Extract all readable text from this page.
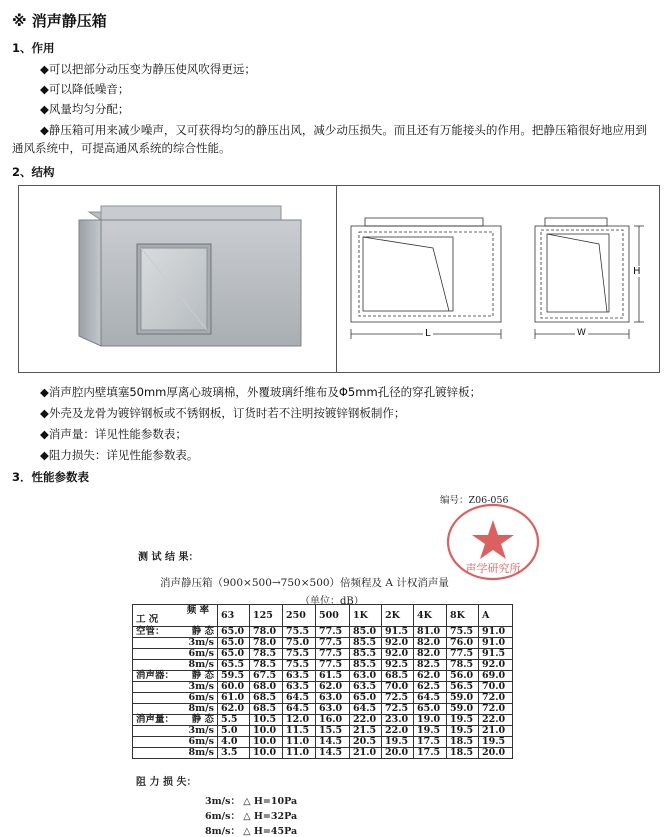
※ 消声静压箱
1、作用
◆可以把部分动压变为静压使风吹得更远；
◆可以降低噪音；
◆风量均匀分配；
◆静压箱可用来减少噪声，又可获得均匀的静压出风，减少动压损失。而且还有万能接头的作用。把静压箱很好地应用到通风系统中，可提高通风系统的综合性能。
2、结构
L	W
H
◆消声腔内壁填塞50mm厚离心玻璃棉，外覆玻璃纤维布及Φ5mm孔径的穿孔镀锌板；
◆外壳及龙骨为镀锌钢板或不锈钢板，订货时若不注明按镀锌钢板制作；
◆消声量：详见性能参数表；
◆阻力损失：详见性能参数表。
3．性能参数表
编号：Z06-056
声学研究所
测 试 结 果：
消声静压箱（900×500→750×500）倍频程及 A 计权消声量
（单位：dB）
频 率
工 况	63	125	250	500	1K	2K	4K	8K	A

空管： 静 态	65.0	78.0	75.5	77.5	85.0	91.5	81.0	75.5	91.0

3m/s	65.0	78.0	75.0	77.5	85.5	92.0	82.0	76.0	91.0

6m/s	65.0	78.5	75.5	77.5	85.5	92.0	82.0	77.5	91.5

8m/s	65.5	78.5	75.5	77.5	85.5	92.5	82.5	78.5	92.0

消声器： 静 态	59.5	67.5	63.5	61.5	63.0	68.5	62.0	56.0	69.0

3m/s	60.0	68.0	63.5	62.0	63.5	70.0	62.5	56.5	70.0

6m/s	61.0	68.5	64.5	63.0	65.0	72.5	64.5	59.0	72.0

8m/s	62.0	68.5	64.5	63.0	64.5	72.5	65.0	59.0	72.0

消声量： 静 态	5.5	10.5	12.0	16.0	22.0	23.0	19.0	19.5	22.0

3m/s	5.0	10.0	11.5	15.5	21.5	22.0	19.5	19.5	21.0

6m/s	4.0	10.0	11.0	14.5	20.5	19.5	17.5	18.5	19.5

8m/s	3.5	10.0	11.0	14.5	21.0	20.0	17.5	18.5	20.0
阻 力 损 失：
3m/s： △ H=10Pa
6m/s： △ H=32Pa
8m/s： △ H=45Pa
